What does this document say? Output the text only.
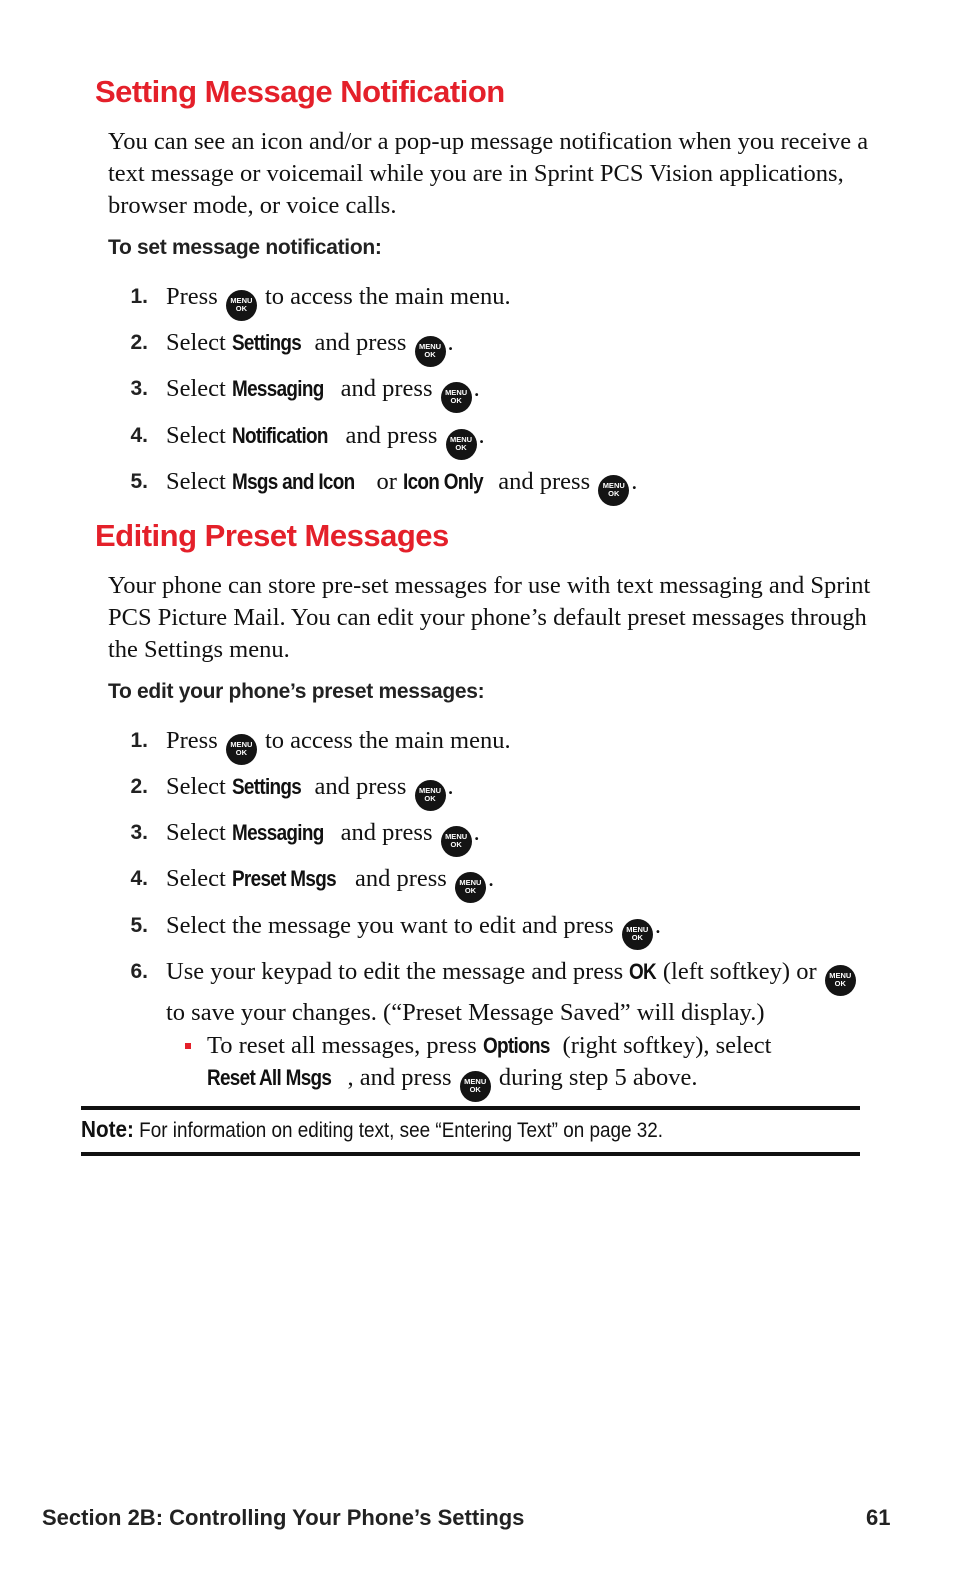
Setting Message Notification

You can see an icon and/or a pop-up message notification when you receive a text message or voicemail while you are in Sprint PCS Vision applications, browser mode, or voice calls.

To set message notification:

1. Press MENU
OK to access the main menu.
2. Select Settings and press MENU
OK .
3. Select Messaging and press MENU
OK .
4. Select Notification and press MENU
OK .
5. Select Msgs and Icon or Icon Only and press MENU
OK .
Editing Preset Messages

Your phone can store pre-set messages for use with text messaging and Sprint PCS Picture Mail. You can edit your phone’s default preset messages through the Settings menu.

To edit your phone’s preset messages:

1. Press MENU
OK to access the main menu.
2. Select Settings and press MENU
OK .
3. Select Messaging and press MENU
OK .
4. Select Preset Msgs and press MENU
OK .
5. Select the message you want to edit and press MENU
OK .
6. Use your keypad to edit the message and press OK (left softkey) or MENU
OK to save your changes. (“Preset Message Saved” will display.)
To reset all messages, press Options (right softkey), select Reset All Msgs , and press MENU
OK during step 5 above.
Note: For information on editing text, see “Entering Text” on page 32.
Section 2B: Controlling Your Phone’s Settings	61
